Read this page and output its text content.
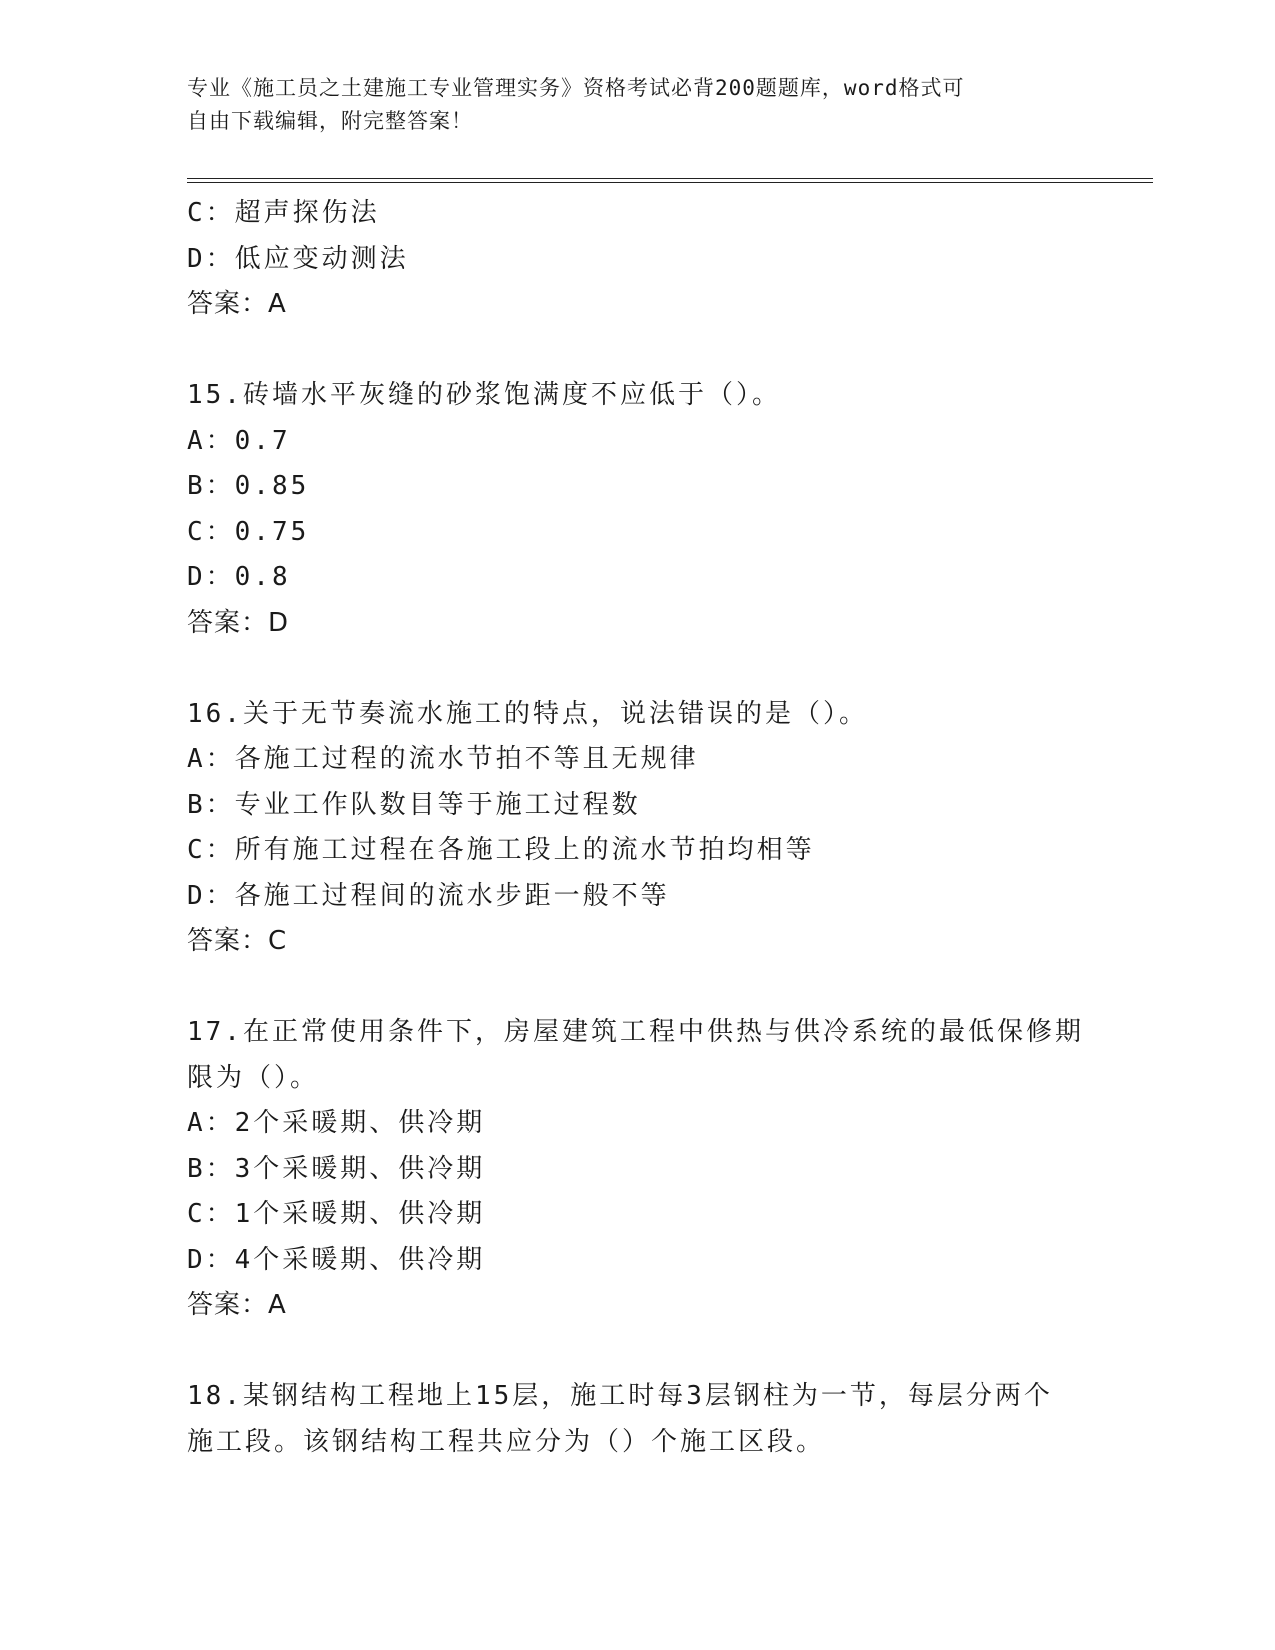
专业《施工员之土建施工专业管理实务》资格考试必背200题题库，word格式可
自由下载编辑，附完整答案！
C：超声探伤法
D：低应变动测法
答案：A
15.砖墙水平灰缝的砂浆饱满度不应低于（）。
A：0.7
B：0.85
C：0.75
D：0.8
答案：D
16.关于无节奏流水施工的特点，说法错误的是（）。
A：各施工过程的流水节拍不等且无规律
B：专业工作队数目等于施工过程数
C：所有施工过程在各施工段上的流水节拍均相等
D：各施工过程间的流水步距一般不等
答案：C
17.在正常使用条件下，房屋建筑工程中供热与供冷系统的最低保修期
限为（）。
A：2个采暖期、供冷期
B：3个采暖期、供冷期
C：1个采暖期、供冷期
D：4个采暖期、供冷期
答案：A
18.某钢结构工程地上15层，施工时每3层钢柱为一节，每层分两个
施工段。该钢结构工程共应分为（）个施工区段。
